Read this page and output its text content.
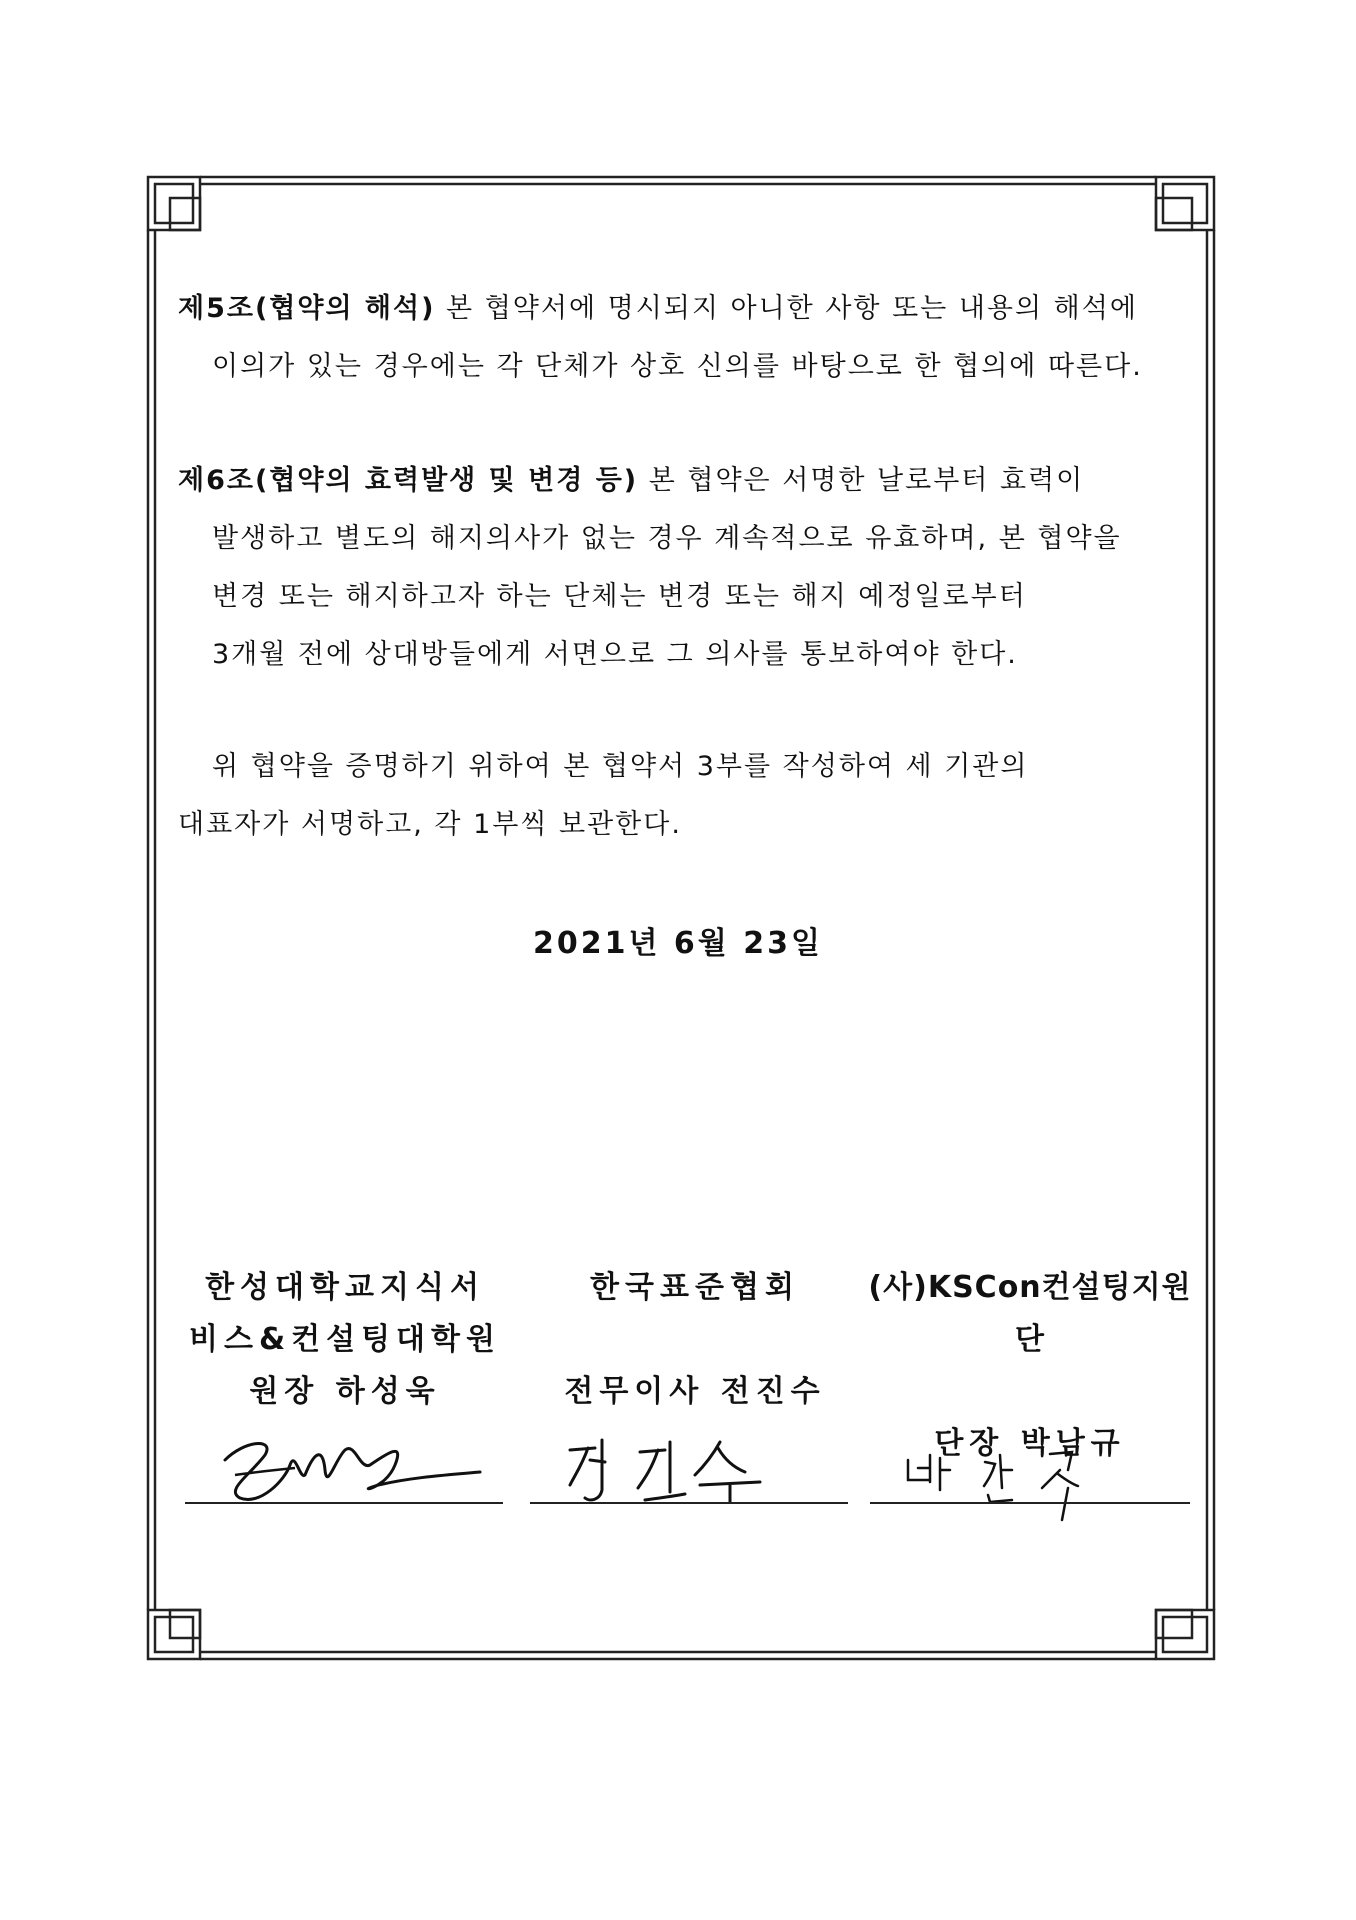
제5조(협약의 해석) 본 협약서에 명시되지 아니한 사항 또는 내용의 해석에
이의가 있는 경우에는 각 단체가 상호 신의를 바탕으로 한 협의에 따른다.
제6조(협약의 효력발생 및 변경 등) 본 협약은 서명한 날로부터 효력이
발생하고 별도의 해지의사가 없는 경우 계속적으로 유효하며, 본 협약을
변경 또는 해지하고자 하는 단체는 변경 또는 해지 예정일로부터
3개월 전에 상대방들에게 서면으로 그 의사를 통보하여야 한다.
위 협약을 증명하기 위하여 본 협약서 3부를 작성하여 세 기관의
대표자가 서명하고, 각 1부씩 보관한다.
2021년 6월 23일
한성대학교지식서
비스&컨설팅대학원
원장 하성욱
한국표준협회
전무이사 전진수
(사)KSCon컨설팅지원단
단장 박남규
